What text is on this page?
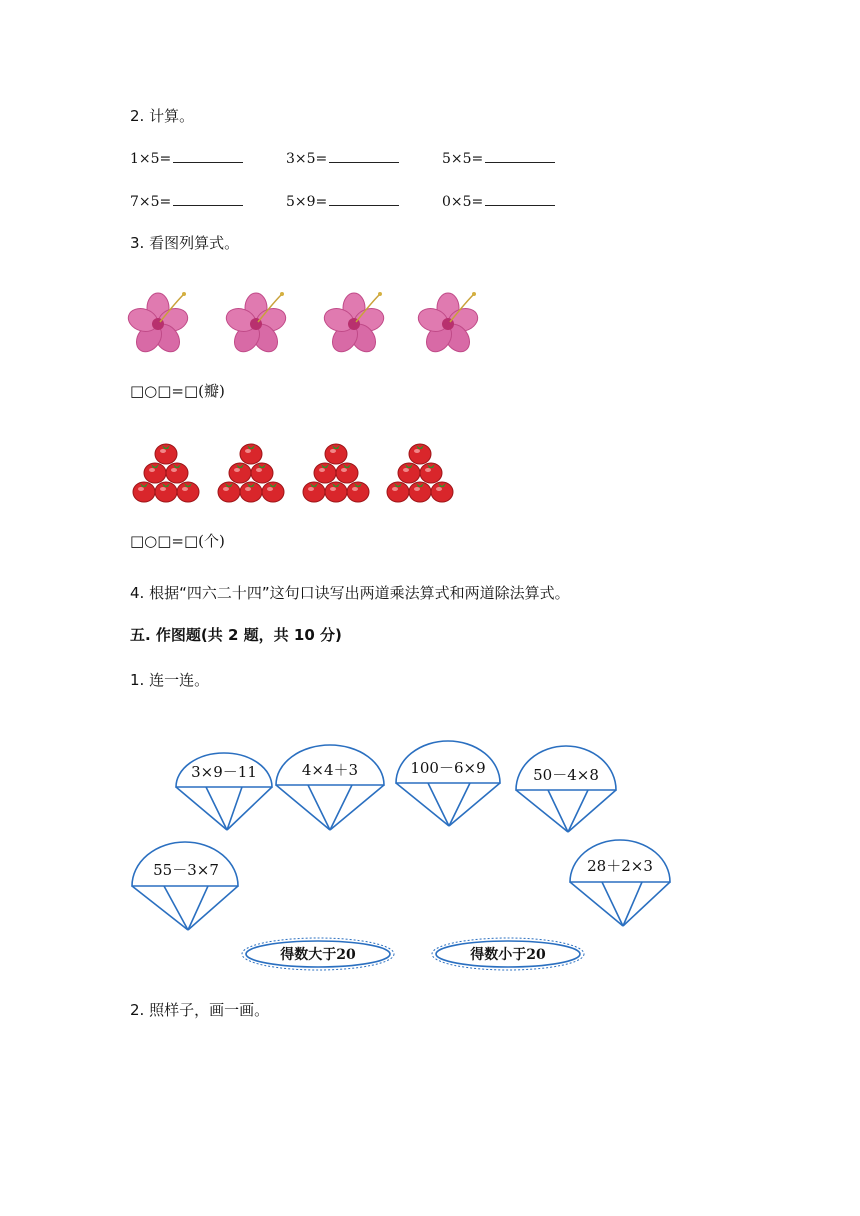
2. 计算。
1×5=	3×5=	5×5=
7×5=	5×9=	0×5=
3. 看图列算式。
□○□=□(瓣)
□○□=□(个)
4. 根据“四六二十四”这句口诀写出两道乘法算式和两道除法算式。
五. 作图题(共 2 题，共 10 分)
1. 连一连。
3×9－11	4×4＋3	100－6×9	50－4×8
55－3×7	28＋2×3
得数大于20	得数小于20
2. 照样子，画一画。
